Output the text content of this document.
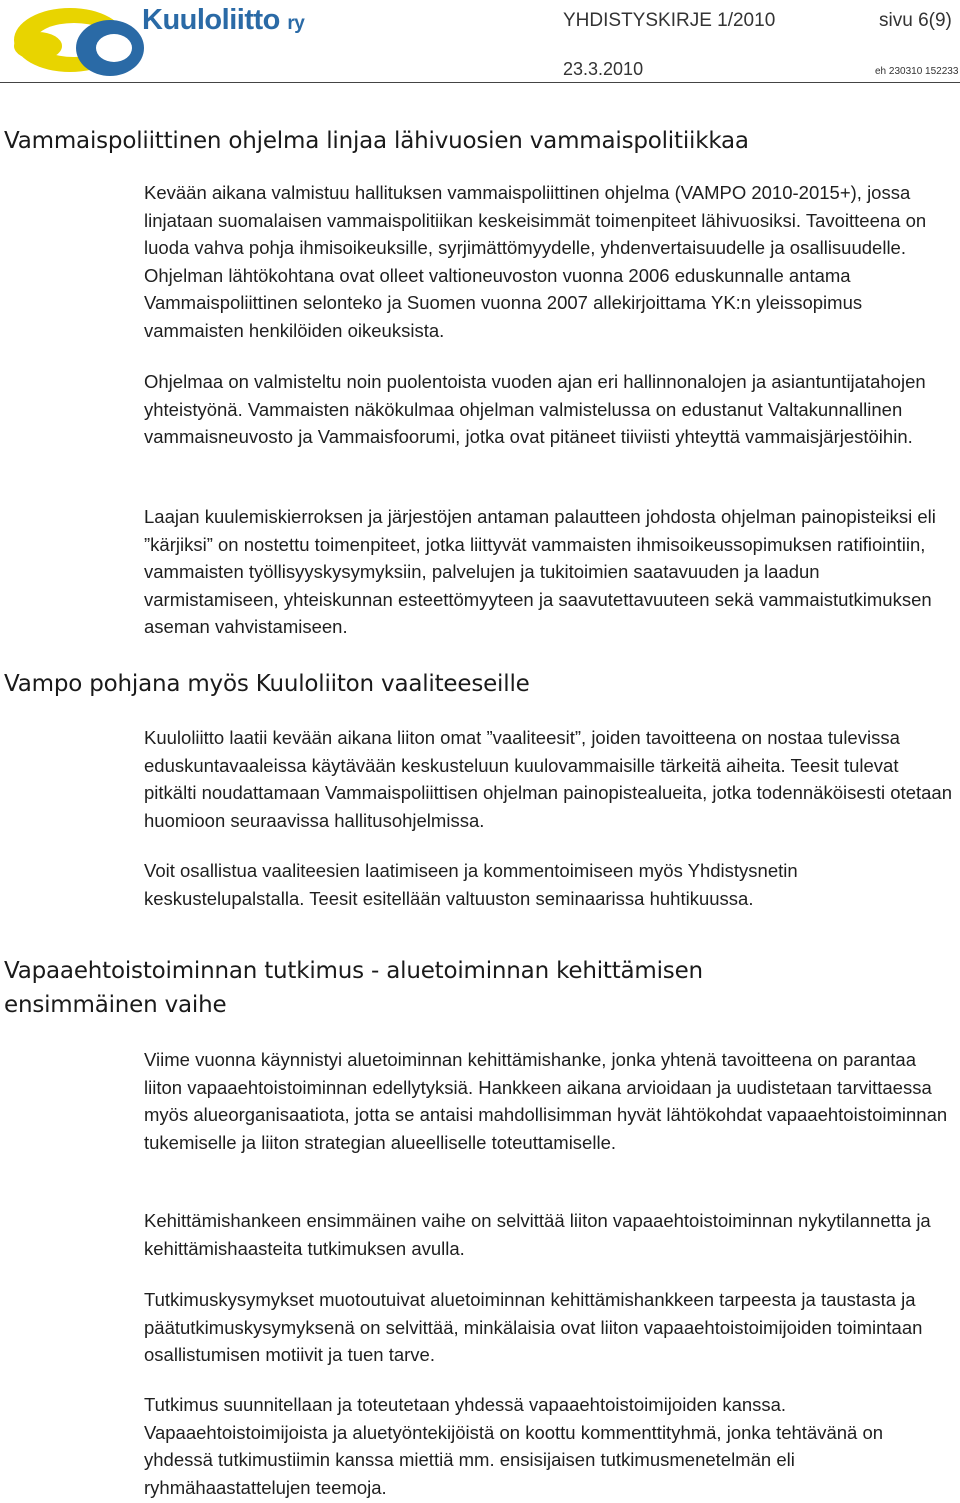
Kuuloliitto ry	YHDISTYSKIRJE 1/2010	sivu 6(9)
23.3.2010	eh 230310 152233
Vammaispoliittinen ohjelma linjaa lähivuosien vammaispolitiikkaa

Kevään aikana valmistuu hallituksen vammaispoliittinen ohjelma (VAMPO 2010-2015+), jossa linjataan suomalaisen vammaispolitiikan keskeisimmät toimenpiteet lähivuosiksi. Tavoitteena on luoda vahva pohja ihmisoikeuksille, syrjimättömyydelle, yhdenvertaisuudelle ja osallisuudelle. Ohjelman lähtökohtana ovat olleet valtioneuvoston vuonna 2006 eduskunnalle antama Vammaispoliittinen selonteko ja Suomen vuonna 2007 allekirjoittama YK:n yleissopimus vammaisten henkilöiden oikeuksista.

Ohjelmaa on valmisteltu noin puolentoista vuoden ajan eri hallinnonalojen ja asiantuntijatahojen yhteistyönä. Vammaisten näkökulmaa ohjelman valmistelussa on edustanut Valtakunnallinen vammaisneuvosto ja Vammaisfoorumi, jotka ovat pitäneet tiiviisti yhteyttä vammaisjärjestöihin.

Laajan kuulemiskierroksen ja järjestöjen antaman palautteen johdosta ohjelman painopisteiksi eli ”kärjiksi” on nostettu toimenpiteet, jotka liittyvät vammaisten ihmisoikeussopimuksen ratifiointiin, vammaisten työllisyyskysymyksiin, palvelujen ja tukitoimien saatavuuden ja laadun varmistamiseen, yhteiskunnan esteettömyyteen ja saavutettavuuteen sekä vammaistutkimuksen aseman vahvistamiseen.

Vampo pohjana myös Kuuloliiton vaaliteeseille

Kuuloliitto laatii kevään aikana liiton omat ”vaaliteesit”, joiden tavoitteena on nostaa tulevissa eduskuntavaaleissa käytävään keskusteluun kuulovammaisille tärkeitä aiheita. Teesit tulevat pitkälti noudattamaan Vammaispoliittisen ohjelman painopistealueita, jotka todennäköisesti otetaan huomioon seuraavissa hallitusohjelmissa.

Voit osallistua vaaliteesien laatimiseen ja kommentoimiseen myös Yhdistysnetin keskustelupalstalla. Teesit esitellään valtuuston seminaarissa huhtikuussa.

Vapaaehtoistoiminnan tutkimus - aluetoiminnan kehittämisen ensimmäinen vaihe

Viime vuonna käynnistyi aluetoiminnan kehittämishanke, jonka yhtenä tavoitteena on parantaa liiton vapaaehtoistoiminnan edellytyksiä. Hankkeen aikana arvioidaan ja uudistetaan tarvittaessa myös alueorganisaatiota, jotta se antaisi mahdollisimman hyvät lähtökohdat vapaaehtoistoiminnan tukemiselle ja liiton strategian alueelliselle toteuttamiselle.

Kehittämishankeen ensimmäinen vaihe on selvittää liiton vapaaehtoistoiminnan nykytilannetta ja kehittämishaasteita tutkimuksen avulla.

Tutkimuskysymykset muotoutuivat aluetoiminnan kehittämishankkeen tarpeesta ja taustasta ja päätutkimuskysymyksenä on selvittää, minkälaisia ovat liiton vapaaehtoistoimijoiden toimintaan osallistumisen motiivit ja tuen tarve.

Tutkimus suunnitellaan ja toteutetaan yhdessä vapaaehtoistoimijoiden kanssa. Vapaaehtoistoimijoista ja aluetyöntekijöistä on koottu kommenttityhmä, jonka tehtävänä on yhdessä tutkimustiimin kanssa miettiä mm. ensisijaisen tutkimusmenetelmän eli ryhmähaastattelujen teemoja.
